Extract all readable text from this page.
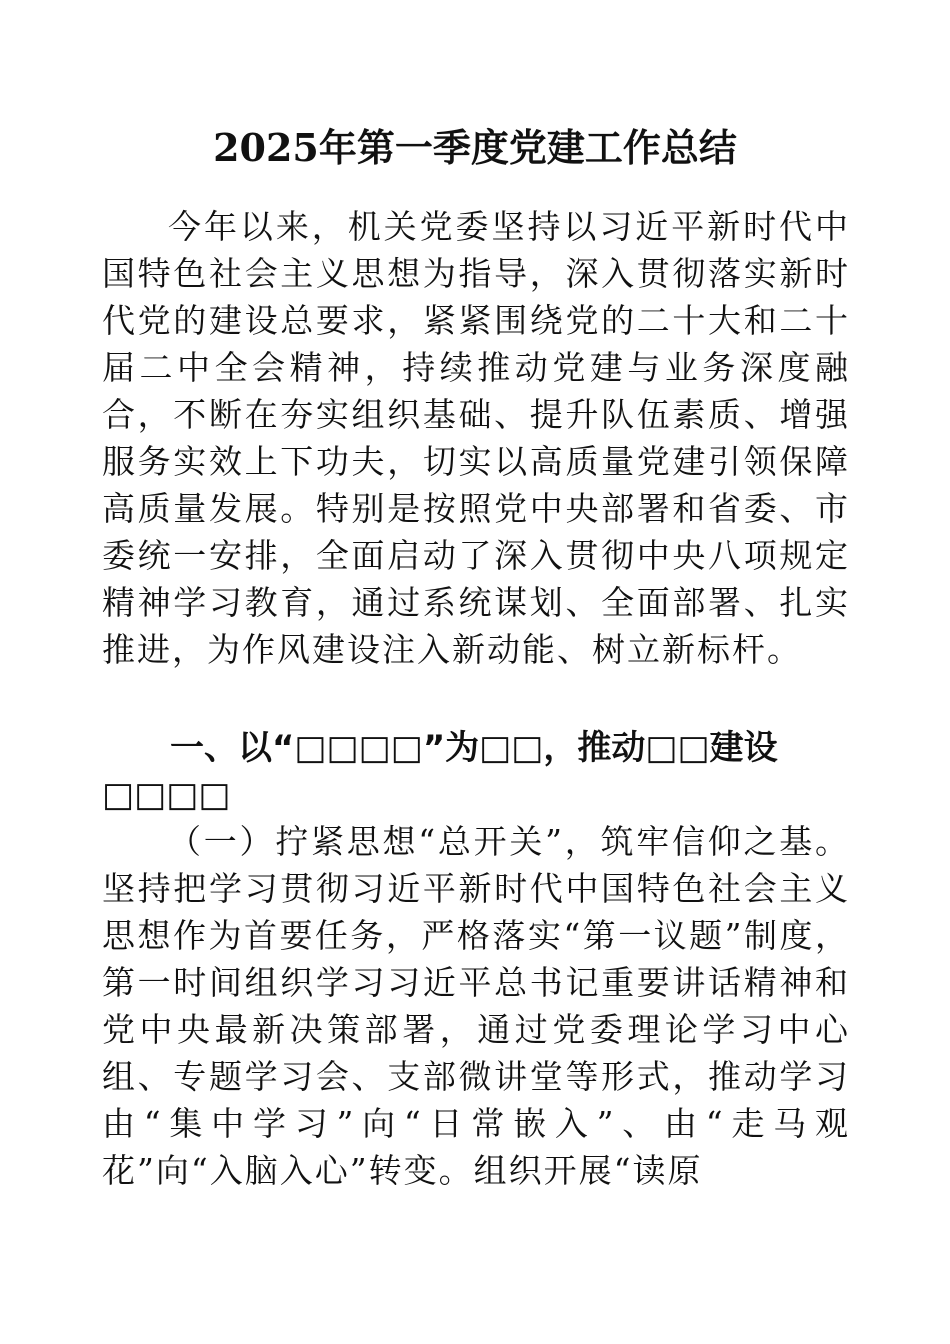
2025年第一季度党建工作总结

今年以来，机关党委坚持以习近平新时代中国特色社会主义思想为指导，深入贯彻落实新时代党的建设总要求，紧紧围绕党的二十大和二十届二中全会精神，持续推动党建与业务深度融合，不断在夯实组织基础、提升队伍素质、增强服务实效上下功夫，切实以高质量党建引领保障高质量发展。特别是按照党中央部署和省委、市委统一安排，全面启动了深入贯彻中央八项规定精神学习教育，通过系统谋划、全面部署、扎实推进，为作风建设注入新动能、树立新标杆。

一、以“□□□□”为□□，推动□□建设□□□□

（一）拧紧思想“总开关”，筑牢信仰之基。坚持把学习贯彻习近平新时代中国特色社会主义思想作为首要任务，严格落实“第一议题”制度，第一时间组织学习习近平总书记重要讲话精神和党中央最新决策部署，通过党委理论学习中心组、专题学习会、支部微讲堂等形式，推动学习由“集中学习”向“日常嵌入”、由“走马观花”向“入脑入心”转变。组织开展“读原
